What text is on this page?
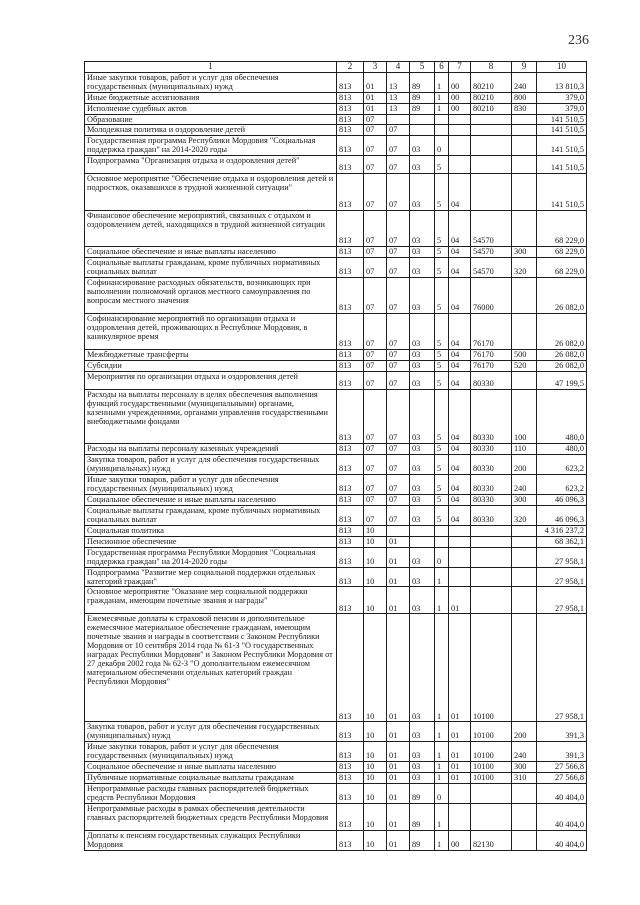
236
1	2	3	4	5	6	7	8	9	10
Иные закупки товаров, работ и услуг для обеспечения государственных (муниципальных) нужд	813	01	13	89	1	00	80210	240	13 810,3
Иные бюджетные ассигнования	813	01	13	89	1	00	80210	800	379,0
Исполнение судебных актов	813	01	13	89	1	00	80210	830	379,0
Образование	813	07							141 510,5
Молодежная политика и оздоровление детей	813	07	07						141 510,5
Государственная программа Республики Мордовия "Социальная поддержка граждан" на 2014-2020 годы	813	07	07	03	0				141 510,5
Подпрограмма "Организация отдыха и оздоровления детей"	813	07	07	03	5				141 510,5
Основное мероприятие "Обеспечение отдыха и оздоровления детей и подростков, оказавшихся в трудной жизненной ситуации"	813	07	07	03	5	04			141 510,5
Финансовое обеспечение мероприятий, связанных с отдыхом и оздоровлением детей, находящихся в трудной жизненной ситуации	813	07	07	03	5	04	54570		68 229,0
Социальное обеспечение и иные выплаты населению	813	07	07	03	5	04	54570	300	68 229,0
Социальные выплаты гражданам, кроме публичных нормативных социальных выплат	813	07	07	03	5	04	54570	320	68 229,0
Софинансирование расходных обязательств, возникающих при выполнении полномочий органов местного самоуправления по вопросам местного значения	813	07	07	03	5	04	76000		26 082,0
Софинансирование мероприятий по организации отдыха и оздоровления детей, проживающих в Республике Мордовия, в каникулярное время	813	07	07	03	5	04	76170		26 082,0
Межбюджетные трансферты	813	07	07	03	5	04	76170	500	26 082,0
Субсидии	813	07	07	03	5	04	76170	520	26 082,0
Мероприятия по организации отдыха и оздоровления детей	813	07	07	03	5	04	80330		47 199,5
Расходы на выплаты персоналу в целях обеспечения выполнения функций государственными (муниципальными) органами, казенными учреждениями, органами управления государственными внебюджетными фондами	813	07	07	03	5	04	80330	100	480,0
Расходы на выплаты персоналу казенных учреждений	813	07	07	03	5	04	80330	110	480,0
Закупка товаров, работ и услуг для обеспечения государственных (муниципальных) нужд	813	07	07	03	5	04	80330	200	623,2
Иные закупки товаров, работ и услуг для обеспечения государственных (муниципальных) нужд	813	07	07	03	5	04	80330	240	623,2
Социальное обеспечение и иные выплаты населению	813	07	07	03	5	04	80330	300	46 096,3
Социальные выплаты гражданам, кроме публичных нормативных социальных выплат	813	07	07	03	5	04	80330	320	46 096,3
Социальная политика	813	10							4 316 237,2
Пенсионное обеспечение	813	10	01						68 362,1
Государственная программа Республики Мордовия "Социальная поддержка граждан" на 2014-2020 годы	813	10	01	03	0				27 958,1
Подпрограмма "Развитие мер социальной поддержки отдельных категорий граждан"	813	10	01	03	1				27 958,1
Основное мероприятие "Оказание мер социальной поддержки гражданам, имеющим почетные звания и награды"	813	10	01	03	1	01			27 958,1
Ежемесячные доплаты к страховой пенсии и дополнительное ежемесячное материальное обеспечение гражданам, имеющим почетные звания и награды в соответствии с Законом Республики Мордовия от 10 сентября 2014 года № 61-З "О государственных наградах Республики Мордовия" и Законом Республики Мордовия от 27 декабря 2002 года № 62-З "О дополнительном ежемесячном материальном обеспечении отдельных категорий граждан Республики Мордовия"	813	10	01	03	1	01	10100		27 958,1
Закупка товаров, работ и услуг для обеспечения государственных (муниципальных) нужд	813	10	01	03	1	01	10100	200	391,3
Иные закупки товаров, работ и услуг для обеспечения государственных (муниципальных) нужд	813	10	01	03	1	01	10100	240	391,3
Социальное обеспечение и иные выплаты населению	813	10	01	03	1	01	10100	300	27 566,8
Публичные нормативные социальные выплаты гражданам	813	10	01	03	1	01	10100	310	27 566,8
Непрограммные расходы главных распорядителей бюджетных средств Республики Мордовия	813	10	01	89	0				40 404,0
Непрограммные расходы в рамках обеспечения деятельности главных распорядителей бюджетных средств Республики Мордовия	813	10	01	89	1				40 404,0
Доплаты к пенсиям государственных служащих Республики Мордовия	813	10	01	89	1	00	82130		40 404,0
